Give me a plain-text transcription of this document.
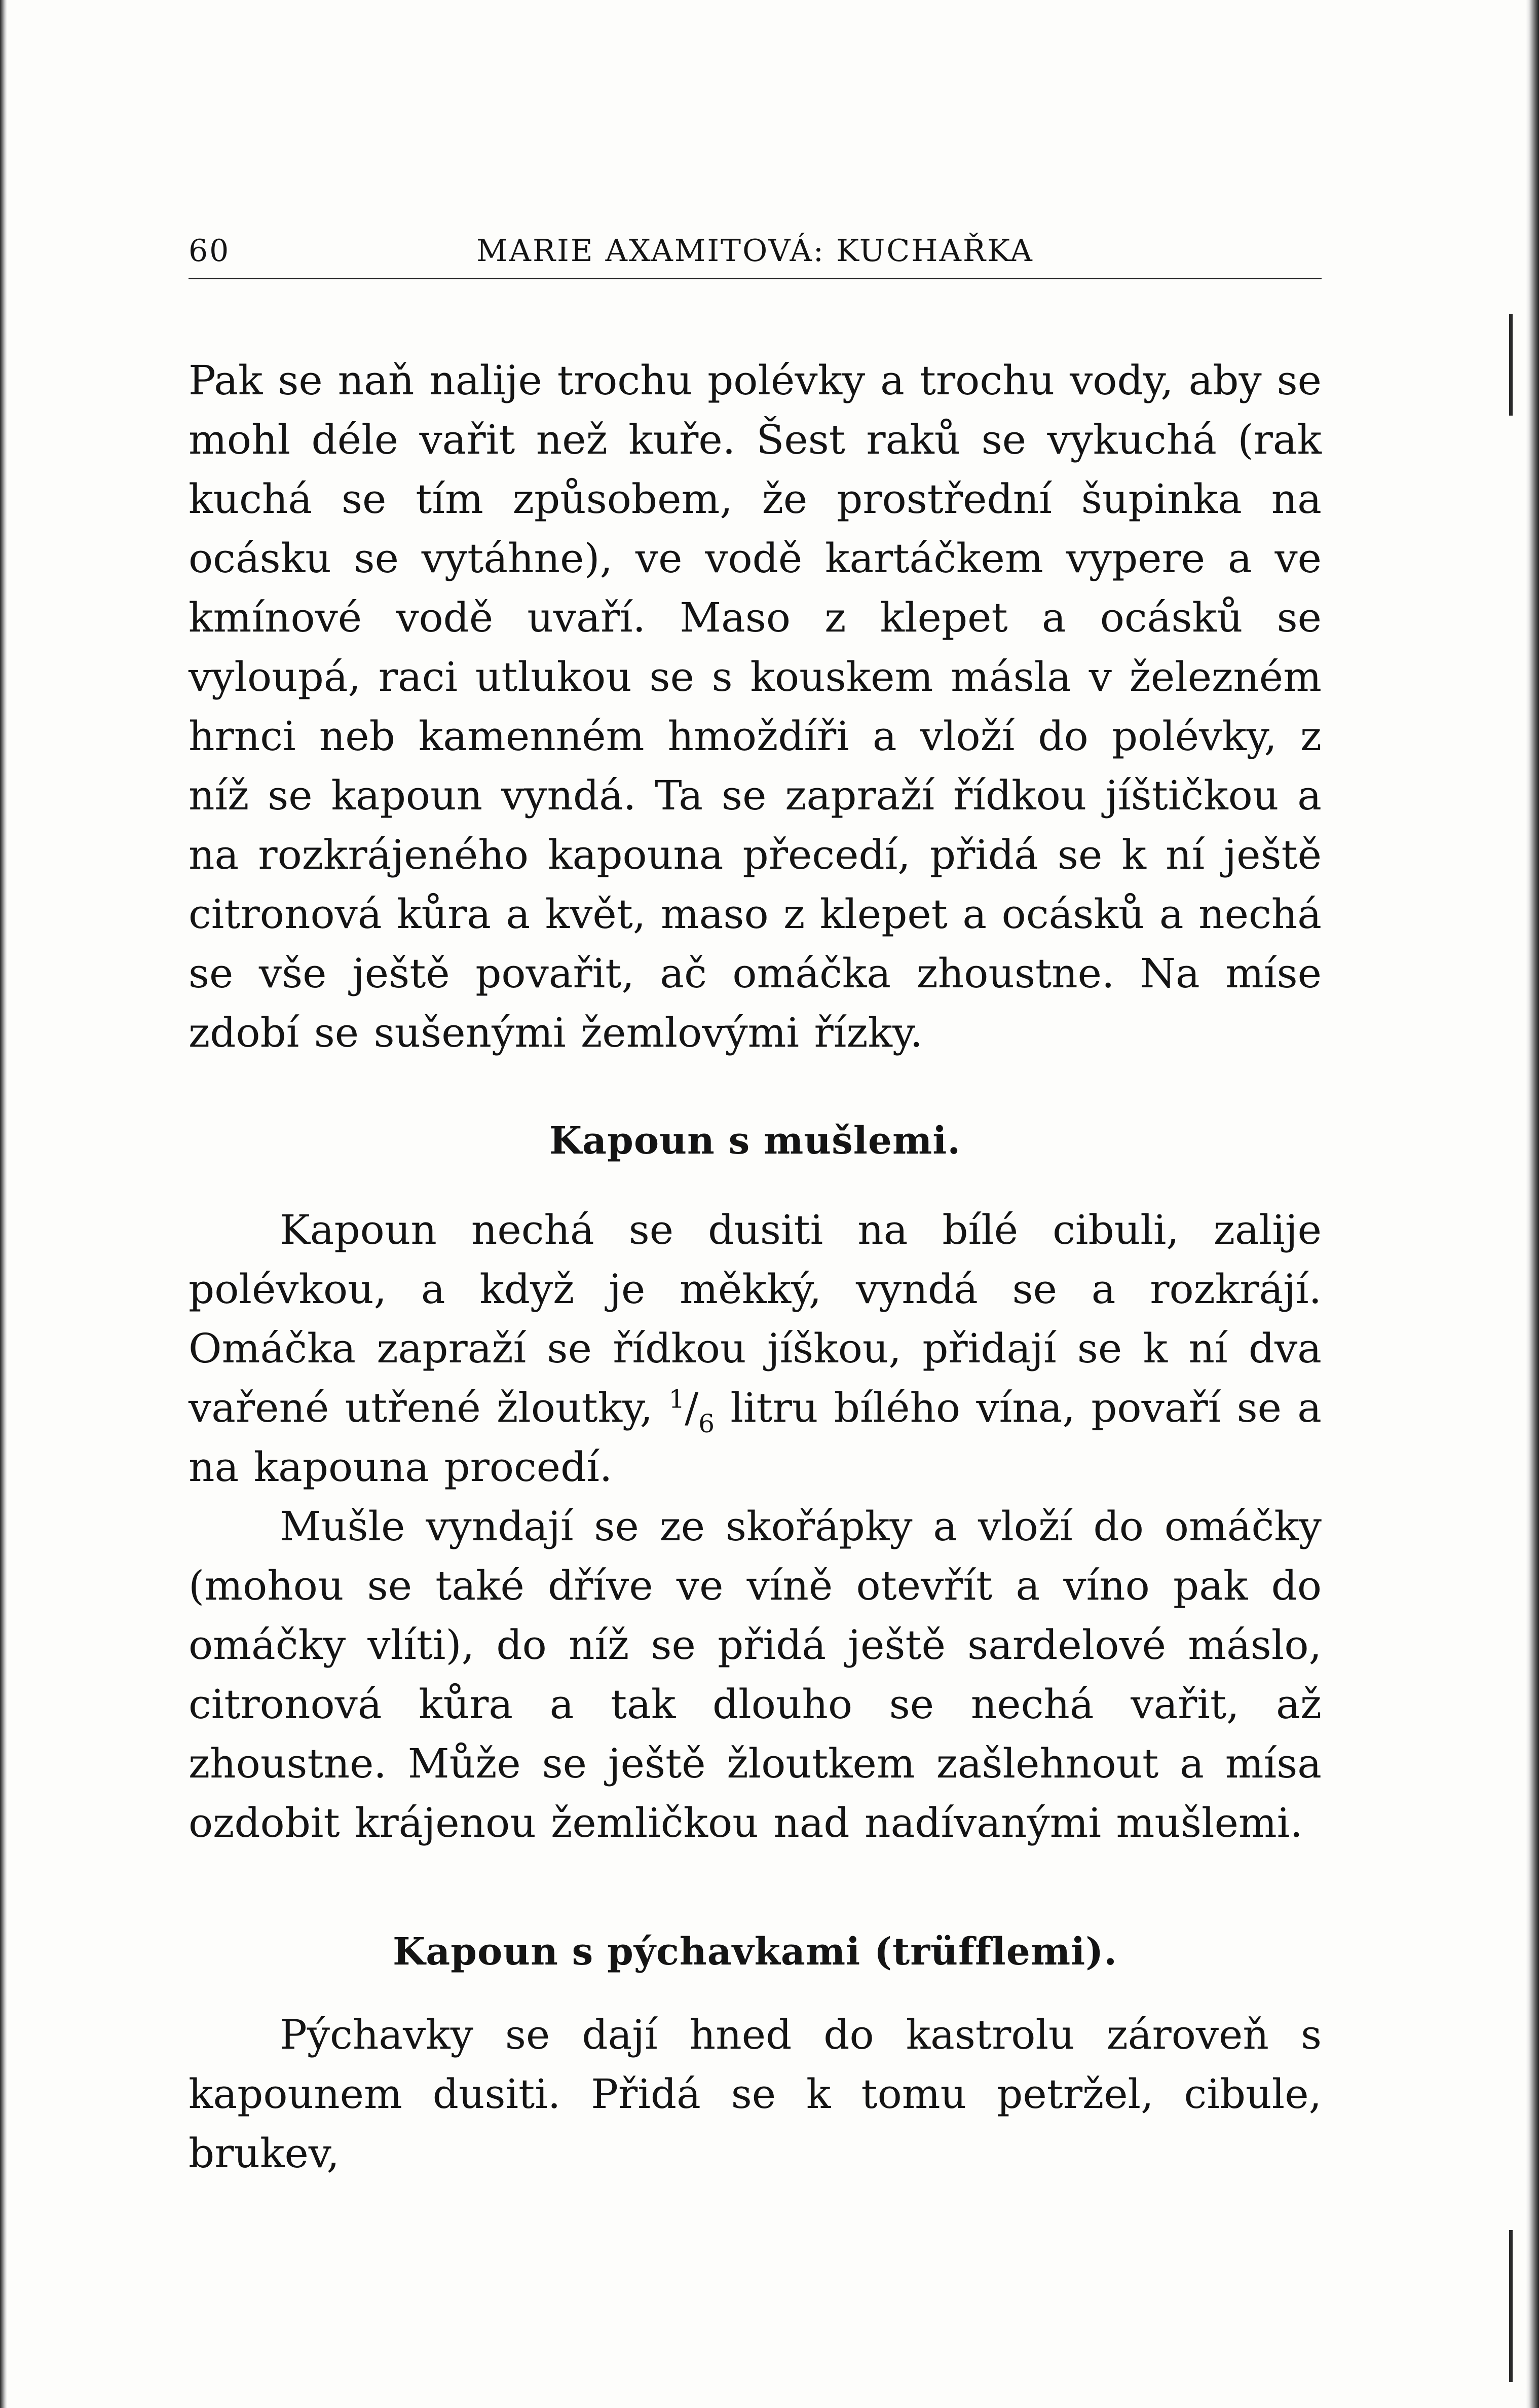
60	MARIE AXAMITOVÁ: KUCHAŘKA

Pak se naň nalije trochu polévky a trochu vody, aby se mohl déle vařit než kuře. Šest raků se vykuchá (rak kuchá se tím způsobem, že prostřední šupinka na ocásku se vytáhne), ve vodě kartáčkem vypere a ve kmínové vodě uvaří. Maso z klepet a ocásků se vyloupá, raci utlukou se s kouskem másla v železném hrnci neb kamenném hmoždíři a vloží do polévky, z níž se kapoun vyndá. Ta se zapraží řídkou jíštičkou a na rozkrájeného kapouna přecedí, přidá se k ní ještě citronová kůra a květ, maso z klepet a ocásků a nechá se vše ještě povařit, ač omáčka zhoustne. Na míse zdobí se sušenými žemlovými řízky.

Kapoun s mušlemi.

Kapoun nechá se dusiti na bílé cibuli, zalije polévkou, a když je měkký, vyndá se a rozkrájí. Omáčka zapraží se řídkou jíškou, přidají se k ní dva vařené utřené žloutky, $^1/_6$ litru bílého vína, povaří se a na kapouna procedí.

Mušle vyndají se ze skořápky a vloží do omáčky (mohou se také dříve ve víně otevřít a víno pak do omáčky vlíti), do níž se přidá ještě sardelové máslo, citronová kůra a tak dlouho se nechá vařit, až zhoustne. Může se ještě žloutkem zašlehnout a mísa ozdobit krájenou žemličkou nad nadívanými mušlemi.

Kapoun s pýchavkami (trüfflemi).

Pýchavky se dají hned do kastrolu zároveň s kapounem dusiti. Přidá se k tomu petržel, cibule, brukev,
